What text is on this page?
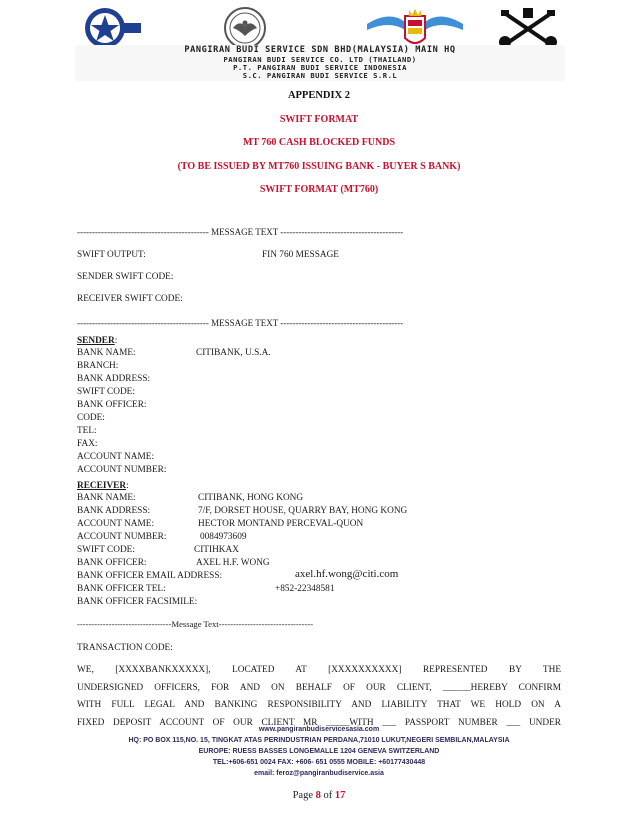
PANGIRAN BUDI SERVICE SDN BHD(MALAYSIA) MAIN HQ
PANGIRAN BUDI SERVICE CO. LTD (THAILAND)
P.T. PANGIRAN BUDI SERVICE INDONESIA
S.C. PANGIRAN BUDI SERVICE S.R.L
APPENDIX 2
SWIFT FORMAT
MT 760 CASH BLOCKED FUNDS
(TO BE ISSUED BY MT760 ISSUING BANK - BUYER S BANK)
SWIFT FORMAT (MT760)
-------------------------------------------- MESSAGE TEXT -----------------------------------------
SWIFT OUTPUT:	FIN 760 MESSAGE
SENDER SWIFT CODE:
RECEIVER SWIFT CODE:
-------------------------------------------- MESSAGE TEXT -----------------------------------------
SENDER:
BANK NAME:	CITIBANK, U.S.A.
BRANCH:
BANK ADDRESS:
SWIFT CODE:
BANK OFFICER:
CODE:
TEL:
FAX:
ACCOUNT NAME:
ACCOUNT NUMBER:
RECEIVER:
BANK NAME:	CITIBANK, HONG KONG
BANK ADDRESS:	7/F, DORSET HOUSE, QUARRY BAY, HONG KONG
ACCOUNT NAME:	HECTOR MONTAND PERCEVAL-QUON
ACCOUNT NUMBER:	0084973609
SWIFT CODE:	CITIHKAX
BANK OFFICER:	AXEL H.F. WONG
BANK OFFICER EMAIL ADDRESS:	axel.hf.wong@citi.com
BANK OFFICER TEL:	+852-22348581
BANK OFFICER FACSIMILE:
---------------------------------Message Text---------------------------------
TRANSACTION CODE:
WE, [XXXXBANKXXXXX], LOCATED AT [XXXXXXXXXX] REPRESENTED BY THE
UNDERSIGNED OFFICERS, FOR AND ON BEHALF OF OUR CLIENT, ______HEREBY CONFIRM
WITH FULL LEGAL AND BANKING RESPONSIBILITY AND LIABILITY THAT WE HOLD ON A
FIXED DEPOSIT ACCOUNT OF OUR CLIENT MR _____WITH ___ PASSPORT NUMBER ___ UNDER
www.pangiranbudiservicesasia.com
HQ: PO BOX 115,NO. 15, TINGKAT ATAS PERINDUSTRIAN PERDANA,71010 LUKUT,NEGERI SEMBILAN,MALAYSIA
EUROPE: RUESS BASSES LONGEMALLE 1204 GENEVA SWITZERLAND
TEL:+606-651 0024 FAX: +606- 651 0555 MOBILE: +60177430448
email: feroz@pangiranbudiservice.asia
Page 8 of 17
